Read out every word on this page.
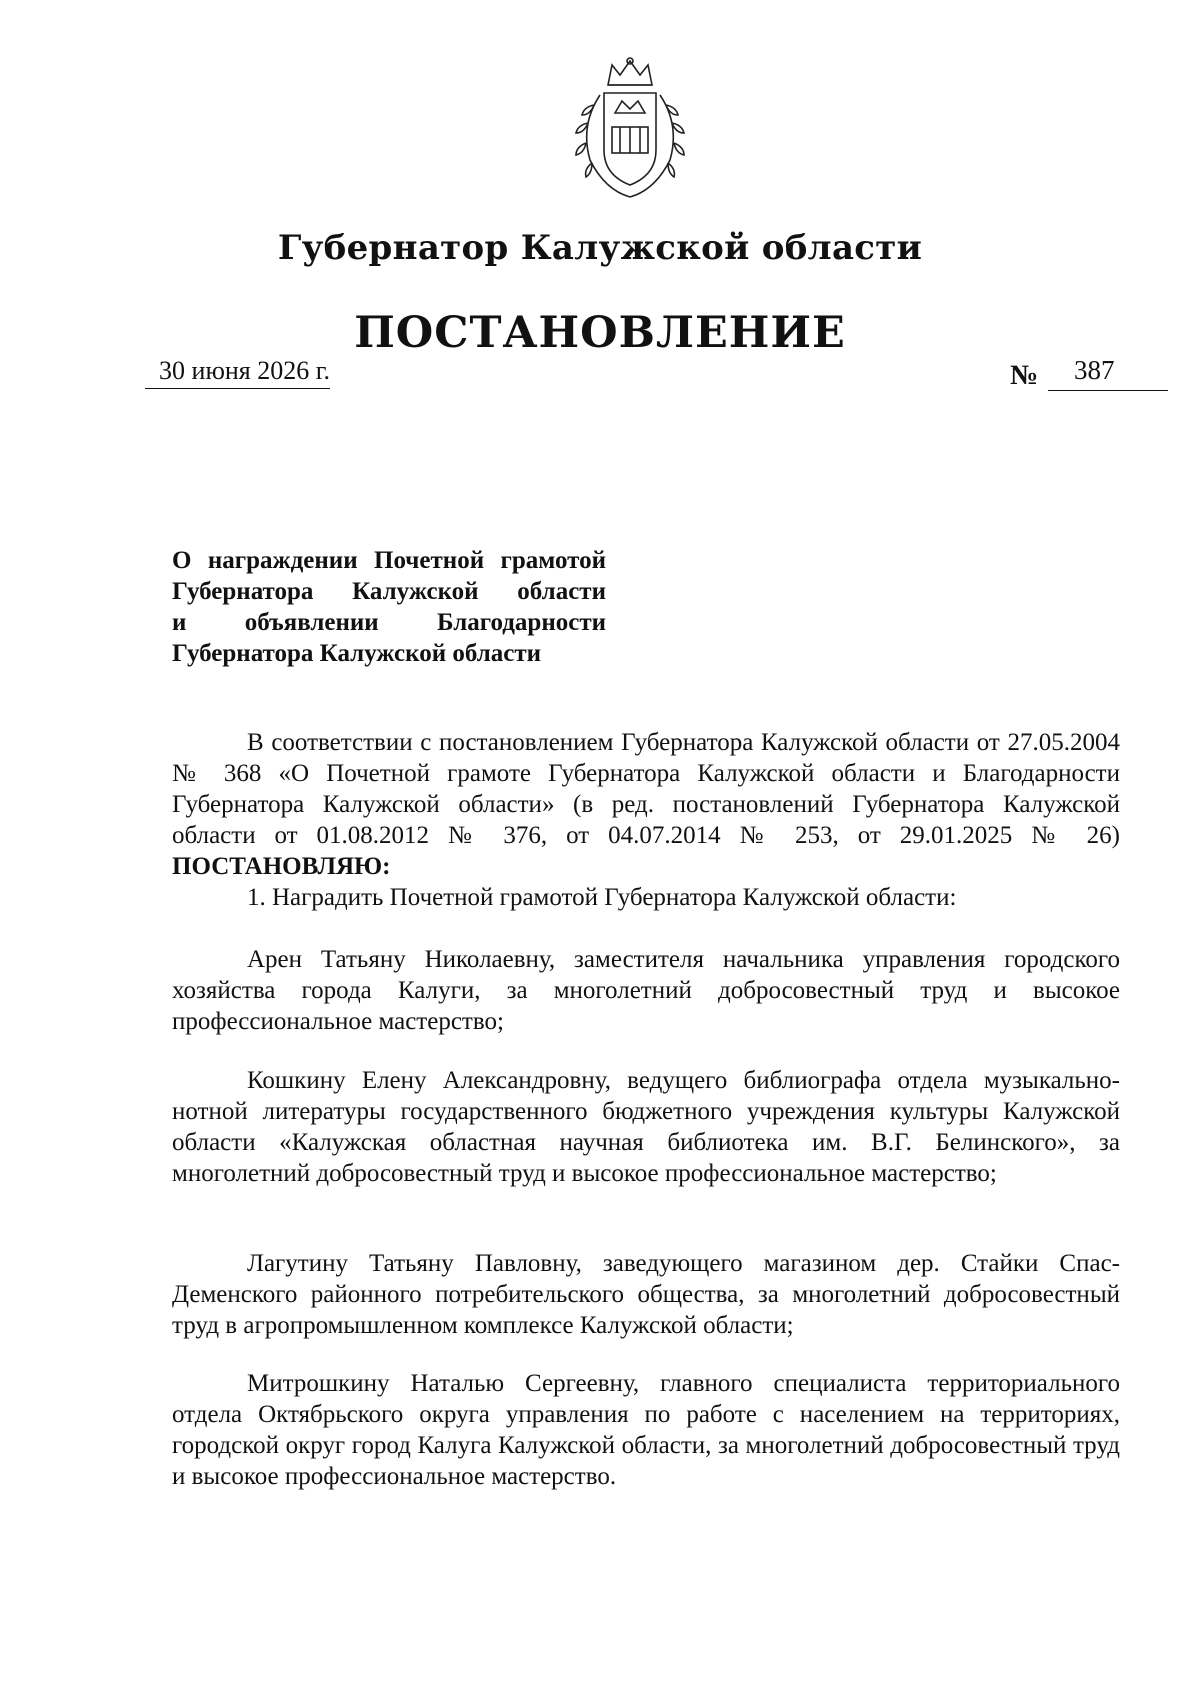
Губернатор Калужской области
ПОСТАНОВЛЕНИЕ
30 июня 2026 г.	№ 387
О награждении Почетной грамотой
Губернатора Калужской области
и объявлении Благодарности
Губернатора Калужской области

В соответствии с постановлением Губернатора Калужской области от 27.05.2004 № 368 «О Почетной грамоте Губернатора Калужской области и Благодарности Губернатора Калужской области» (в ред. постановлений Губернатора Калужской области от 01.08.2012 № 376, от 04.07.2014 № 253, от 29.01.2025 № 26) ПОСТАНОВЛЯЮ:

1. Наградить Почетной грамотой Губернатора Калужской области:

Арен Татьяну Николаевну, заместителя начальника управления городского хозяйства города Калуги, за многолетний добросовестный труд и высокое профессиональное мастерство;

Кошкину Елену Александровну, ведущего библиографа отдела музыкально-нотной литературы государственного бюджетного учреждения культуры Калужской области «Калужская областная научная библиотека им. В.Г. Белинского», за многолетний добросовестный труд и высокое профессиональное мастерство;

Лагутину Татьяну Павловну, заведующего магазином дер. Стайки Спас-Деменского районного потребительского общества, за многолетний добросовестный труд в агропромышленном комплексе Калужской области;

Митрошкину Наталью Сергеевну, главного специалиста территориального отдела Октябрьского округа управления по работе с населением на территориях, городской округ город Калуга Калужской области, за многолетний добросовестный труд и высокое профессиональное мастерство.
